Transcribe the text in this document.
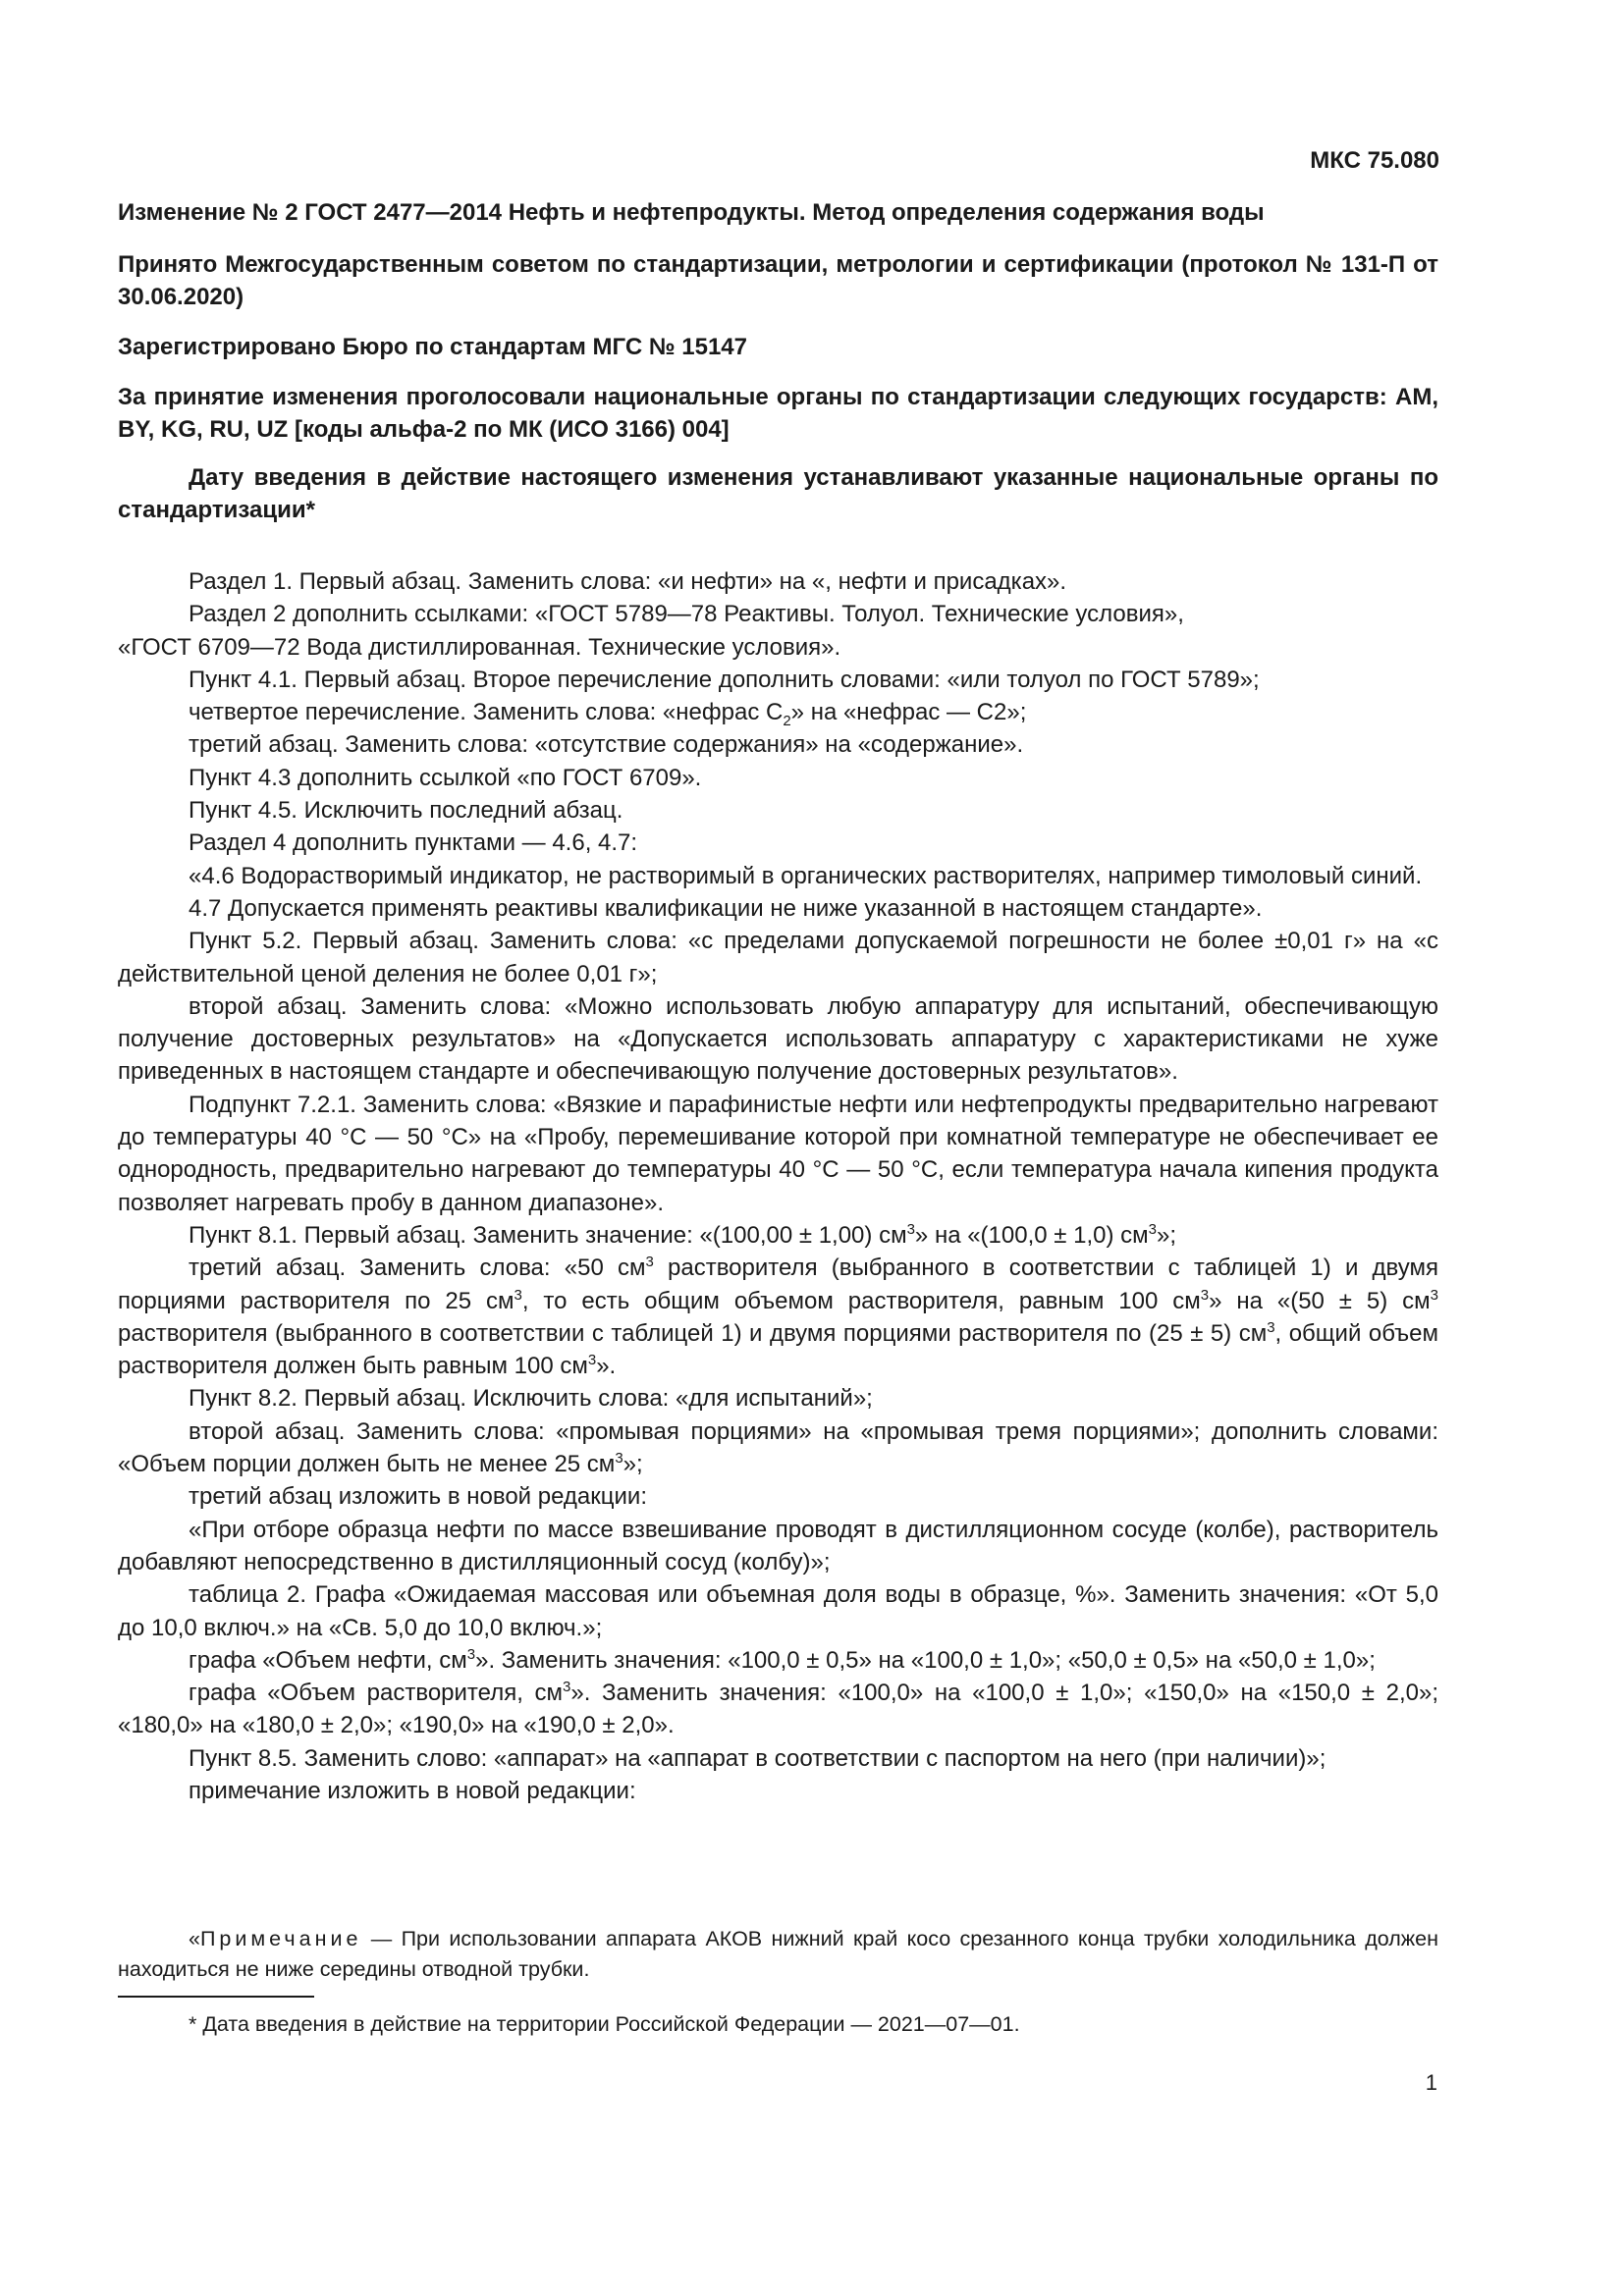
МКС 75.080

Изменение № 2 ГОСТ 2477—2014 Нефть и нефтепродукты. Метод определения содержания воды

Принято Межгосударственным советом по стандартизации, метрологии и сертификации (протокол № 131-П от 30.06.2020)

Зарегистрировано Бюро по стандартам МГС № 15147

За принятие изменения проголосовали национальные органы по стандартизации следующих государств: AM, BY, KG, RU, UZ [коды альфа-2 по МК (ИСО 3166) 004]

Дату введения в действие настоящего изменения устанавливают указанные национальные органы по стандартизации*

Раздел 1. Первый абзац. Заменить слова: «и нефти» на «, нефти и присадках».

Раздел 2 дополнить ссылками: «ГОСТ 5789—78 Реактивы. Толуол. Технические условия»,

«ГОСТ 6709—72 Вода дистиллированная. Технические условия».

Пункт 4.1. Первый абзац. Второе перечисление дополнить словами: «или толуол по ГОСТ 5789»;

четвертое перечисление. Заменить слова: «нефрас $С_2$» на «нефрас — С2»;

третий абзац. Заменить слова: «отсутствие содержания» на «содержание».

Пункт 4.3 дополнить ссылкой «по ГОСТ 6709».

Пункт 4.5. Исключить последний абзац.

Раздел 4 дополнить пунктами — 4.6, 4.7:

«4.6 Водорастворимый индикатор, не растворимый в органических растворителях, например тимоловый синий.

4.7 Допускается применять реактивы квалификации не ниже указанной в настоящем стандарте».

Пункт 5.2. Первый абзац. Заменить слова: «с пределами допускаемой погрешности не более ±0,01 г» на «с действительной ценой деления не более 0,01 г»;

второй абзац. Заменить слова: «Можно использовать любую аппаратуру для испытаний, обеспечивающую получение достоверных результатов» на «Допускается использовать аппаратуру с характеристиками не хуже приведенных в настоящем стандарте и обеспечивающую получение достоверных результатов».

Подпункт 7.2.1. Заменить слова: «Вязкие и парафинистые нефти или нефтепродукты предварительно нагревают до температуры 40 °С — 50 °С» на «Пробу, перемешивание которой при комнатной температуре не обеспечивает ее однородность, предварительно нагревают до температуры 40 °С — 50 °С, если температура начала кипения продукта позволяет нагревать пробу в данном диапазоне».

Пункт 8.1. Первый абзац. Заменить значение: «(100,00 ± 1,00) $см^3$» на «(100,0 ± 1,0) $см^3$»;

третий абзац. Заменить слова: «50 $см^3$ растворителя (выбранного в соответствии с таблицей 1) и двумя порциями растворителя по 25 $см^3$, то есть общим объемом растворителя, равным 100 $см^3$» на «(50 ± 5) $см^3$ растворителя (выбранного в соответствии с таблицей 1) и двумя порциями растворителя по (25 ± 5) $см^3$, общий объем растворителя должен быть равным 100 $см^3$».

Пункт 8.2. Первый абзац. Исключить слова: «для испытаний»;

второй абзац. Заменить слова: «промывая порциями» на «промывая тремя порциями»; дополнить словами: «Объем порции должен быть не менее 25 $см^3$»;

третий абзац изложить в новой редакции:

«При отборе образца нефти по массе взвешивание проводят в дистилляционном сосуде (колбе), растворитель добавляют непосредственно в дистилляционный сосуд (колбу)»;

таблица 2. Графа «Ожидаемая массовая или объемная доля воды в образце, %». Заменить значения: «От 5,0 до 10,0 включ.» на «Св. 5,0 до 10,0 включ.»;

графа «Объем нефти, $см^3$». Заменить значения: «100,0 ± 0,5» на «100,0 ± 1,0»; «50,0 ± 0,5» на «50,0 ± 1,0»;

графа «Объем растворителя, $см^3$». Заменить значения: «100,0» на «100,0 ± 1,0»; «150,0» на «150,0 ± 2,0»; «180,0» на «180,0 ± 2,0»; «190,0» на «190,0 ± 2,0».

Пункт 8.5. Заменить слово: «аппарат» на «аппарат в соответствии с паспортом на него (при наличии)»;

примечание изложить в новой редакции:

«Примечание — При использовании аппарата АКОВ нижний край косо срезанного конца трубки холодильника должен находиться не ниже середины отводной трубки.

* Дата введения в действие на территории Российской Федерации — 2021—07—01.
1
